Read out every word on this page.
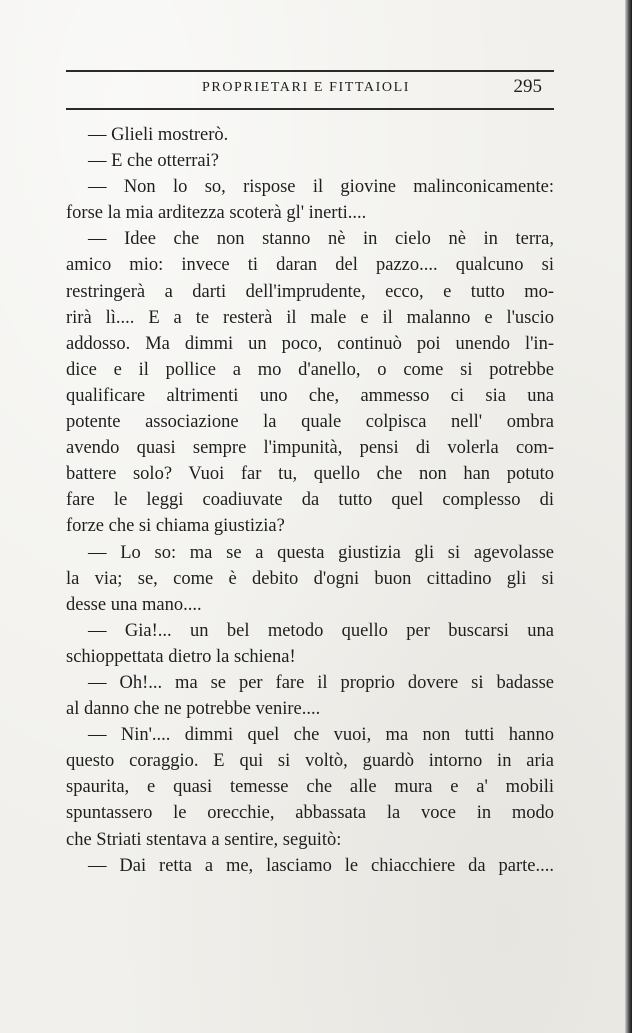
PROPRIETARI E FITTAIOLI	295
— Glieli mostrerò.
— E che otterrai?
— Non lo so, rispose il giovine malinconicamente:
forse la mia arditezza scoterà gl' inerti....
— Idee che non stanno nè in cielo nè in terra,
amico mio: invece ti daran del pazzo.... qualcuno si
restringerà a darti dell'imprudente, ecco, e tutto mo-
rirà lì.... E a te resterà il male e il malanno e l'uscio
addosso. Ma dimmi un poco, continuò poi unendo l'in-
dice e il pollice a mo d'anello, o come si potrebbe
qualificare altrimenti uno che, ammesso ci sia una
potente associazione la quale colpisca nell' ombra
avendo quasi sempre l'impunità, pensi di volerla com-
battere solo? Vuoi far tu, quello che non han potuto
fare le leggi coadiuvate da tutto quel complesso di
forze che si chiama giustizia?
— Lo so: ma se a questa giustizia gli si agevolasse
la via; se, come è debito d'ogni buon cittadino gli si
desse una mano....
— Gia!... un bel metodo quello per buscarsi una
schioppettata dietro la schiena!
— Oh!... ma se per fare il proprio dovere si badasse
al danno che ne potrebbe venire....
— Nin'.... dimmi quel che vuoi, ma non tutti hanno
questo coraggio. E qui si voltò, guardò intorno in aria
spaurita, e quasi temesse che alle mura e a' mobili
spuntassero le orecchie, abbassata la voce in modo
che Striati stentava a sentire, seguitò:
— Dai retta a me, lasciamo le chiacchiere da parte....
